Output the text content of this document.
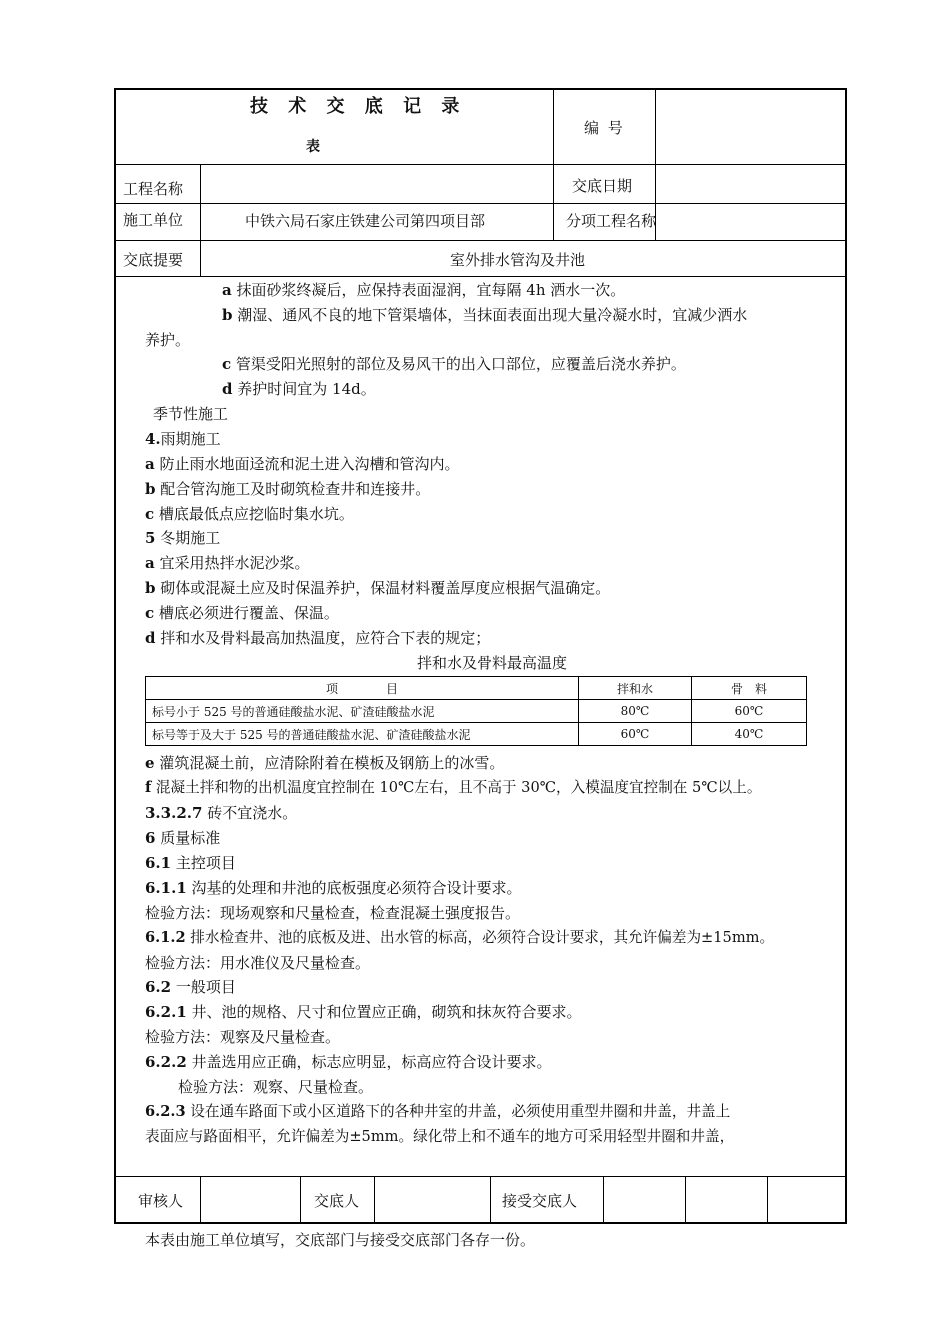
技 术 交 底 记 录
表
编 号
工程名称	交底日期
施工单位	中铁六局石家庄铁建公司第四项目部	分项工程名称
交底提要	室外排水管沟及井池
a 抹面砂浆终凝后，应保持表面湿润，宜每隔 4h 洒水一次。
b 潮湿、通风不良的地下管渠墙体，当抹面表面出现大量冷凝水时，宜减少洒水
养护。
c 管渠受阳光照射的部位及易风干的出入口部位，应覆盖后浇水养护。
d 养护时间宜为 14d。
季节性施工
4.雨期施工
a 防止雨水地面迳流和泥土进入沟槽和管沟内。
b 配合管沟施工及时砌筑检查井和连接井。
c 槽底最低点应挖临时集水坑。
5 冬期施工
a 宜采用热拌水泥沙浆。
b 砌体或混凝土应及时保温养护，保温材料覆盖厚度应根据气温确定。
c 槽底必须进行覆盖、保温。
d 拌和水及骨料最高加热温度，应符合下表的规定；
拌和水及骨料最高温度
项　　　　目	拌和水	骨　料
标号小于 525 号的普通硅酸盐水泥、矿渣硅酸盐水泥	80℃	60℃
标号等于及大于 525 号的普通硅酸盐水泥、矿渣硅酸盐水泥	60℃	40℃
e 灌筑混凝土前，应清除附着在模板及钢筋上的冰雪。
f 混凝土拌和物的出机温度宜控制在 10℃左右，且不高于 30℃，入模温度宜控制在 5℃以上。
3.3.2.7 砖不宜浇水。
6 质量标准
6.1 主控项目
6.1.1 沟基的处理和井池的底板强度必须符合设计要求。
检验方法：现场观察和尺量检查，检查混凝土强度报告。
6.1.2 排水检查井、池的底板及进、出水管的标高，必须符合设计要求，其允许偏差为±15mm。
检验方法：用水准仪及尺量检查。
6.2 一般项目
6.2.1 井、池的规格、尺寸和位置应正确，砌筑和抹灰符合要求。
检验方法：观察及尺量检查。
6.2.2 井盖选用应正确，标志应明显，标高应符合设计要求。
检验方法：观察、尺量检查。
6.2.3 设在通车路面下或小区道路下的各种井室的井盖，必须使用重型井圈和井盖，井盖上
表面应与路面相平，允许偏差为±5mm。绿化带上和不通车的地方可采用轻型井圈和井盖，
审核人	交底人	接受交底人
本表由施工单位填写，交底部门与接受交底部门各存一份。
